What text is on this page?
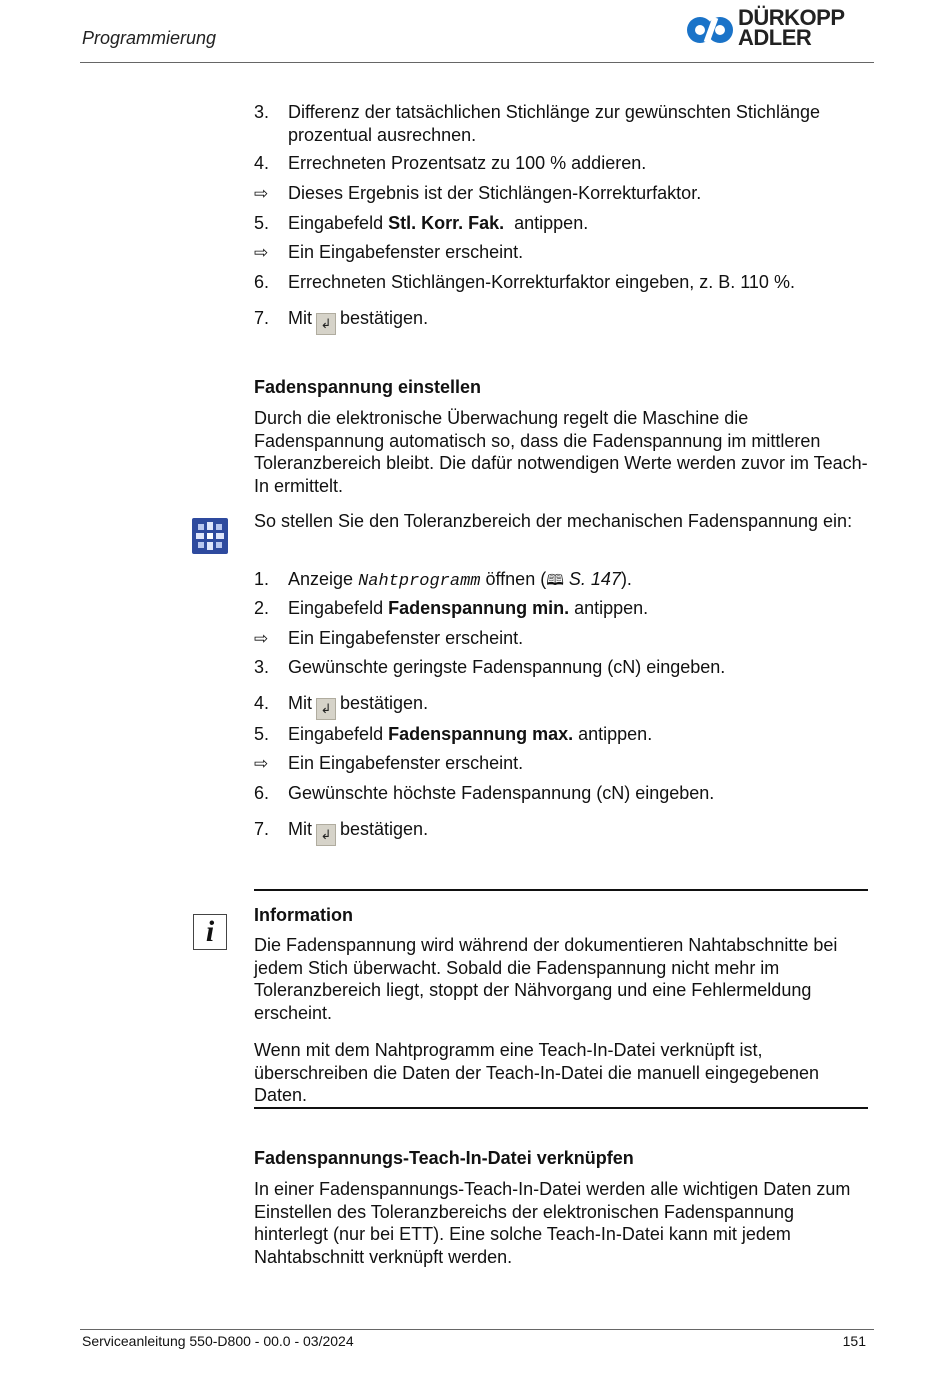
Programmierung
DÜRKOPP
ADLER
3.	Differenz der tatsächlichen Stichlänge zur gewünschten Stichlänge prozentual ausrechnen.
4.	Errechneten Prozentsatz zu 100 % addieren.
⇨	Dieses Ergebnis ist der Stichlängen-Korrekturfaktor.
5.	Eingabefeld Stl. Korr. Fak.  antippen.
⇨	Ein Eingabefenster erscheint.
6.	Errechneten Stichlängen-Korrekturfaktor eingeben, z. B. 110 %.
7.	Mit ↲ bestätigen.
Fadenspannung einstellen
Durch die elektronische Überwachung regelt die Maschine die Fadenspannung automatisch so, dass die Fadenspannung im mittleren Toleranzbereich bleibt. Die dafür notwendigen Werte werden zuvor im Teach-In ermittelt.
So stellen Sie den Toleranzbereich der mechanischen Fadenspannung ein:
1.	Anzeige Nahtprogramm öffnen (🕮 S. 147).
2.	Eingabefeld Fadenspannung min. antippen.
⇨	Ein Eingabefenster erscheint.
3.	Gewünschte geringste Fadenspannung (cN) eingeben.
4.	Mit ↲ bestätigen.
5.	Eingabefeld Fadenspannung max. antippen.
⇨	Ein Eingabefenster erscheint.
6.	Gewünschte höchste Fadenspannung (cN) eingeben.
7.	Mit ↲ bestätigen.
i	Information
Die Fadenspannung wird während der dokumentieren Nahtabschnitte bei jedem Stich überwacht. Sobald die Fadenspannung nicht mehr im Toleranzbereich liegt, stoppt der Nähvorgang und eine Fehlermeldung erscheint.
Wenn mit dem Nahtprogramm eine Teach-In-Datei verknüpft ist, überschreiben die Daten der Teach-In-Datei die manuell eingegebenen Daten.
Fadenspannungs-Teach-In-Datei verknüpfen
In einer Fadenspannungs-Teach-In-Datei werden alle wichtigen Daten zum Einstellen des Toleranzbereichs der elektronischen Fadenspannung hinterlegt (nur bei ETT). Eine solche Teach-In-Datei kann mit jedem Nahtabschnitt verknüpft werden.
Serviceanleitung 550-D800 - 00.0 - 03/2024	151
